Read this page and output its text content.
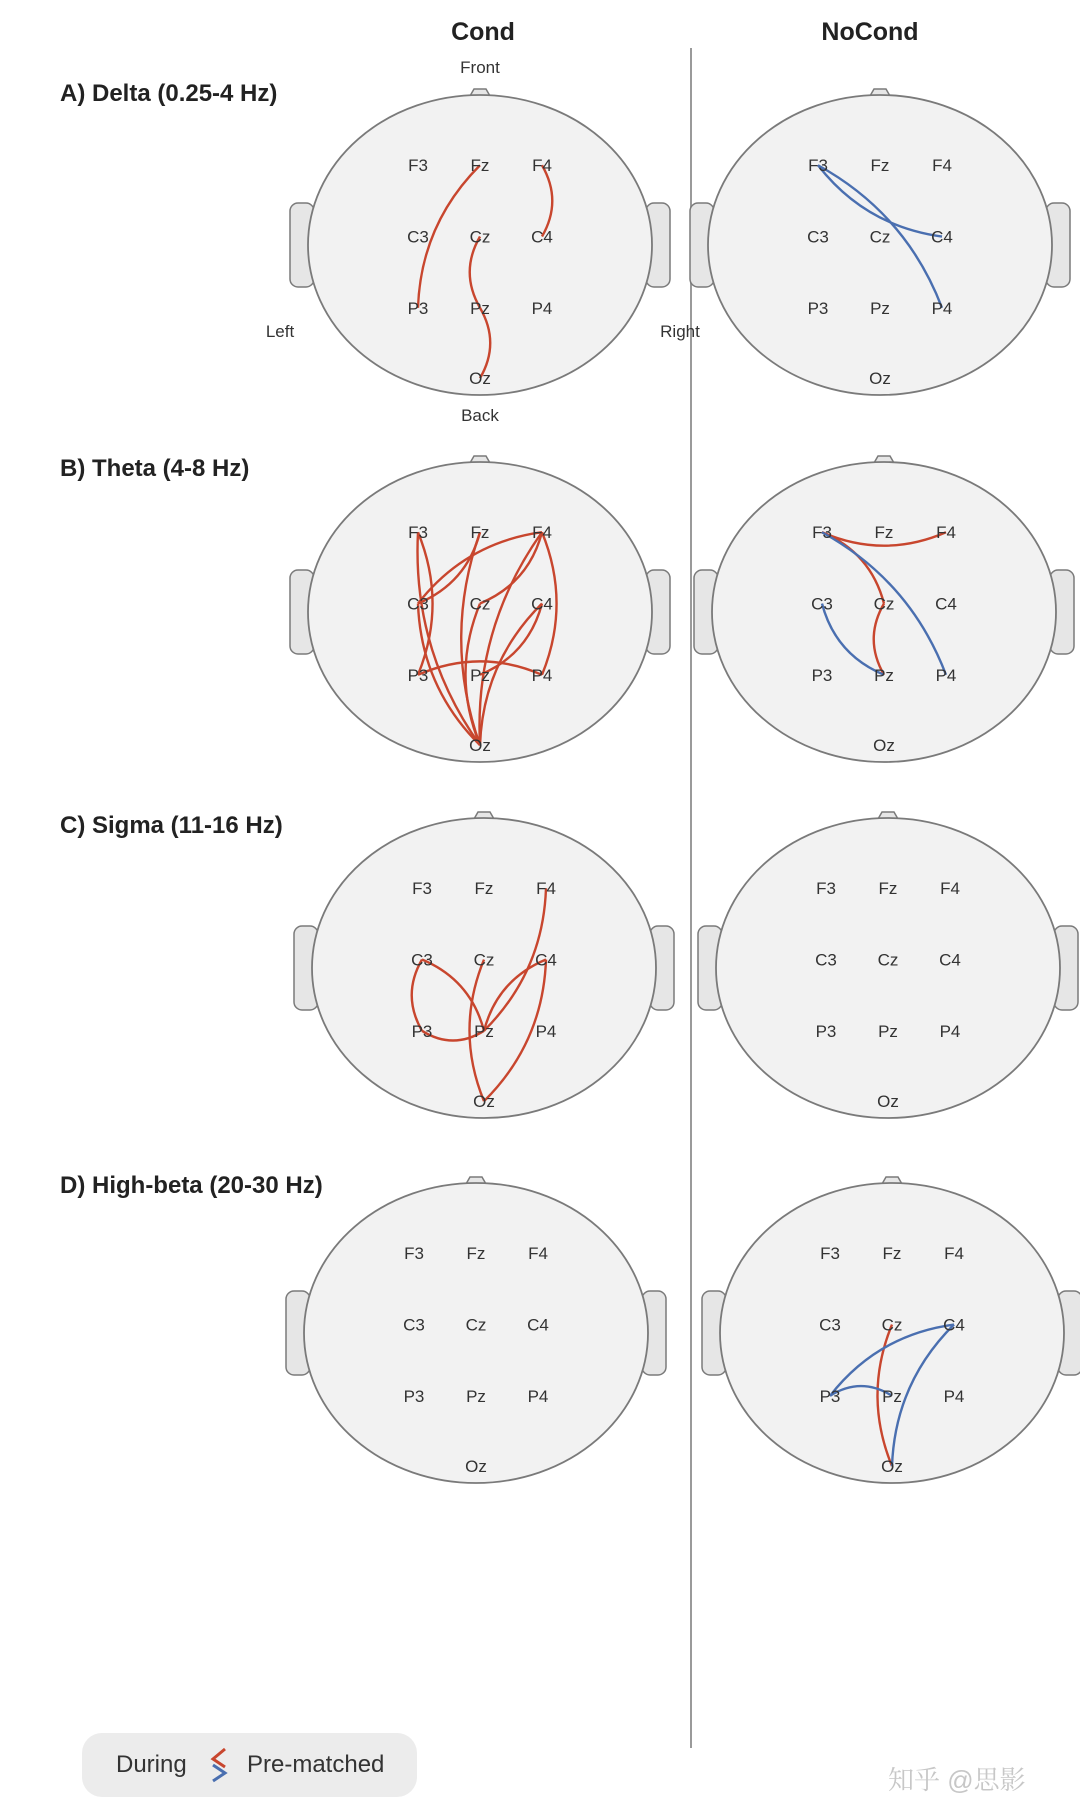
Cond	NoCond
A) Delta (0.25-4 Hz)
B) Theta (4-8 Hz)
C) Sigma (11-16 Hz)
D) High-beta (20-30 Hz)
F3	Fz	F4
C3 Cz C4
P3 Pz P4
Oz
F3	Fz	F4
C3 Cz C4
P3 Pz P4
Oz
F3	Fz	F4
C3 Cz C4
P3 Pz P4
Oz
F3	Fz	F4
C3 Cz C4
P3 Pz P4
Oz
F3	Fz	F4
C3 Cz C4
P3 Pz P4
Oz
F3	Fz	F4
C3 Cz C4
P3 Pz P4
Oz
F3	Fz	F4
C3 Cz C4
P3 Pz P4
Oz
F3	Fz	F4
C3 Cz C4
P3 Pz P4
Oz
Front
Back
Left	Right
During	Pre-matched
知乎 @思影
